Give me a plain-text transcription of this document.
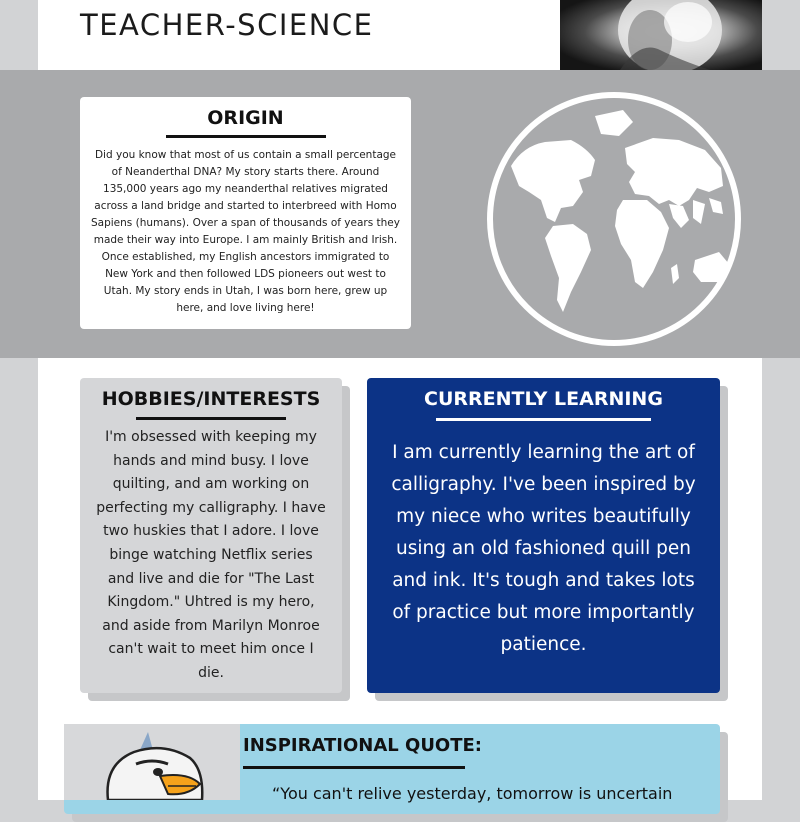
TEACHER-SCIENCE
ORIGIN
Did you know that most of us contain a small percentage of Neanderthal DNA? My story starts there. Around 135,000 years ago my neanderthal relatives migrated across a land bridge and started to interbreed with Homo Sapiens (humans). Over a span of thousands of years they made their way into Europe. I am mainly British and Irish. Once established, my English ancestors immigrated to New York and then followed LDS pioneers out west to Utah. My story ends in Utah, I was born here, grew up here, and love living here!
HOBBIES/INTERESTS
I'm obsessed with keeping my hands and mind busy. I love quilting, and am working on perfecting my calligraphy. I have two huskies that I adore. I love binge watching Netflix series and live and die for "The Last Kingdom." Uhtred is my hero, and aside from Marilyn Monroe can't wait to meet him once I die.
CURRENTLY LEARNING
I am currently learning the art of calligraphy. I've been inspired by my niece who writes beautifully using an old fashioned quill pen and ink. It's tough and takes lots of practice but more importantly patience.
INSPIRATIONAL QUOTE:
“You can't relive yesterday, tomorrow is uncertain
